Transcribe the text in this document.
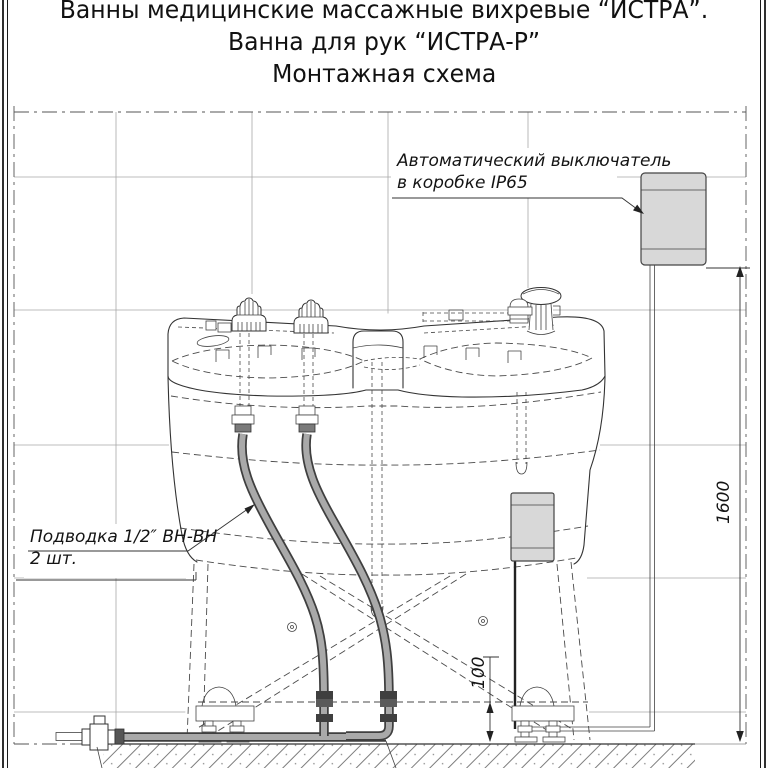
1600
100
Ванны медицинские массажные вихревые “ИСТРА”.
Ванна для рук “ИСТРА-Р”
Монтажная схема
Автоматический выключатель
в коробке IP65
Подводка 1/2″ ВН-ВН
2 шт.
